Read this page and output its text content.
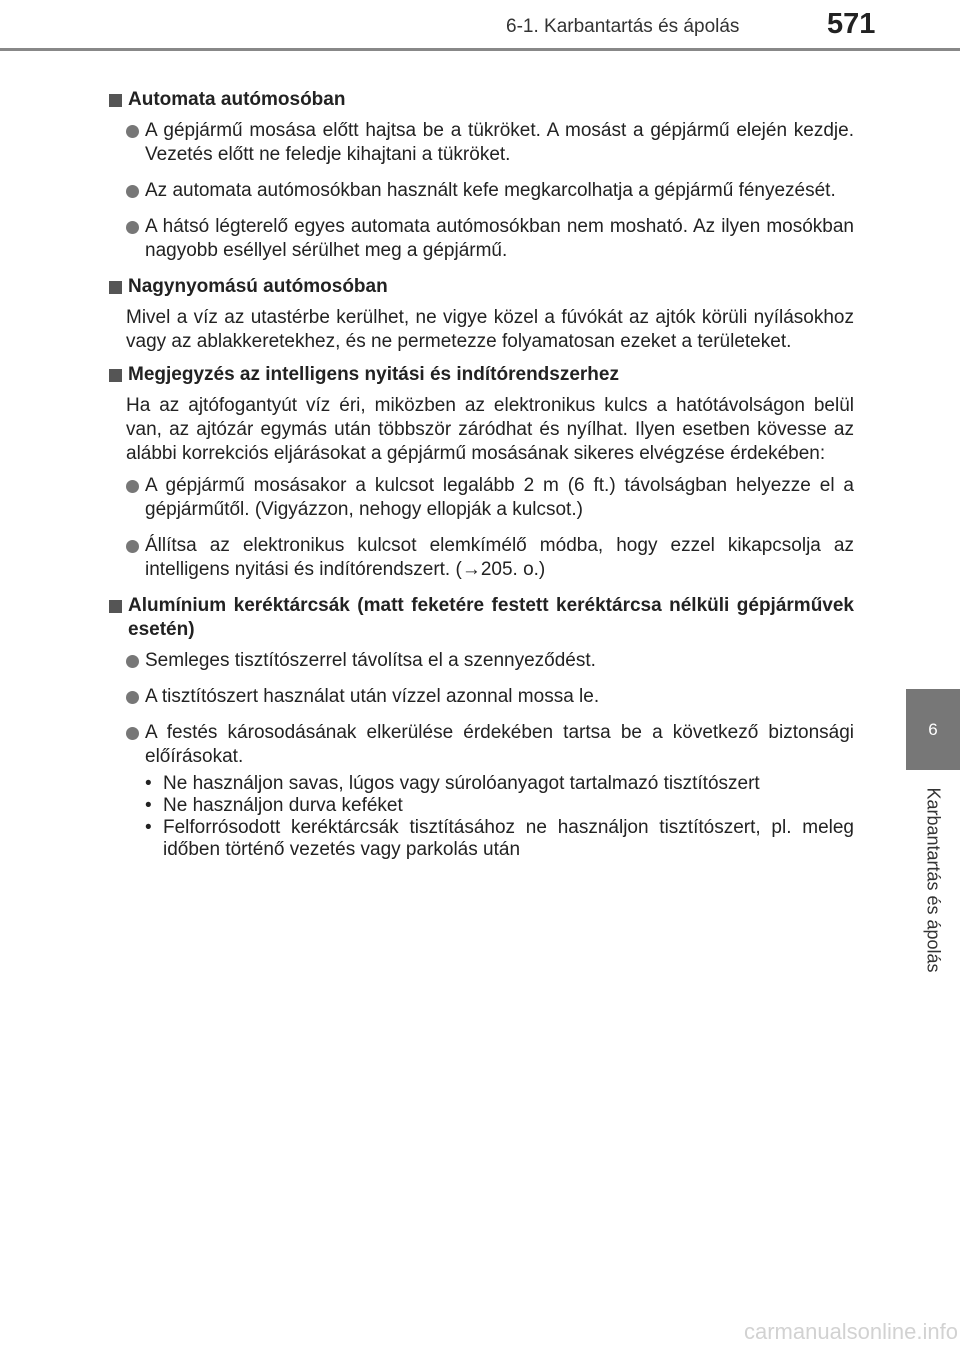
6-1. Karbantartás és ápolás	571
6
Karbantartás és ápolás
Automata autómosóban
A gépjármű mosása előtt hajtsa be a tükröket. A mosást a gépjármű elején kezdje. Vezetés előtt ne feledje kihajtani a tükröket.
Az automata autómosókban használt kefe megkarcolhatja a gépjármű fényezését.
A hátsó légterelő egyes automata autómosókban nem mosható. Az ilyen mosókban nagyobb eséllyel sérülhet meg a gépjármű.
Nagynyomású autómosóban
Mivel a víz az utastérbe kerülhet, ne vigye közel a fúvókát az ajtók körüli nyílásokhoz vagy az ablakkeretekhez, és ne permetezze folyamatosan ezeket a területeket.
Megjegyzés az intelligens nyitási és indítórendszerhez
Ha az ajtófogantyút víz éri, miközben az elektronikus kulcs a hatótávolságon belül van, az ajtózár egymás után többször záródhat és nyílhat. Ilyen esetben kövesse az alábbi korrekciós eljárásokat a gépjármű mosásának sikeres elvégzése érdekében:
A gépjármű mosásakor a kulcsot legalább 2 m (6 ft.) távolságban helyezze el a gépjárműtől. (Vigyázzon, nehogy ellopják a kulcsot.)
Állítsa az elektronikus kulcsot elemkímélő módba, hogy ezzel kikapcsolja az intelligens nyitási és indítórendszert. (→205. o.)
Alumínium keréktárcsák (matt feketére festett keréktárcsa nélküli gépjárművek esetén)
Semleges tisztítószerrel távolítsa el a szennyeződést.
A tisztítószert használat után vízzel azonnal mossa le.
A festés károsodásának elkerülése érdekében tartsa be a következő biztonsági előírásokat.
• Ne használjon savas, lúgos vagy súrolóanyagot tartalmazó tisztítószert
• Ne használjon durva keféket
• Felforrósodott keréktárcsák tisztításához ne használjon tisztítószert, pl. meleg időben történő vezetés vagy parkolás után
carmanualsonline.info
